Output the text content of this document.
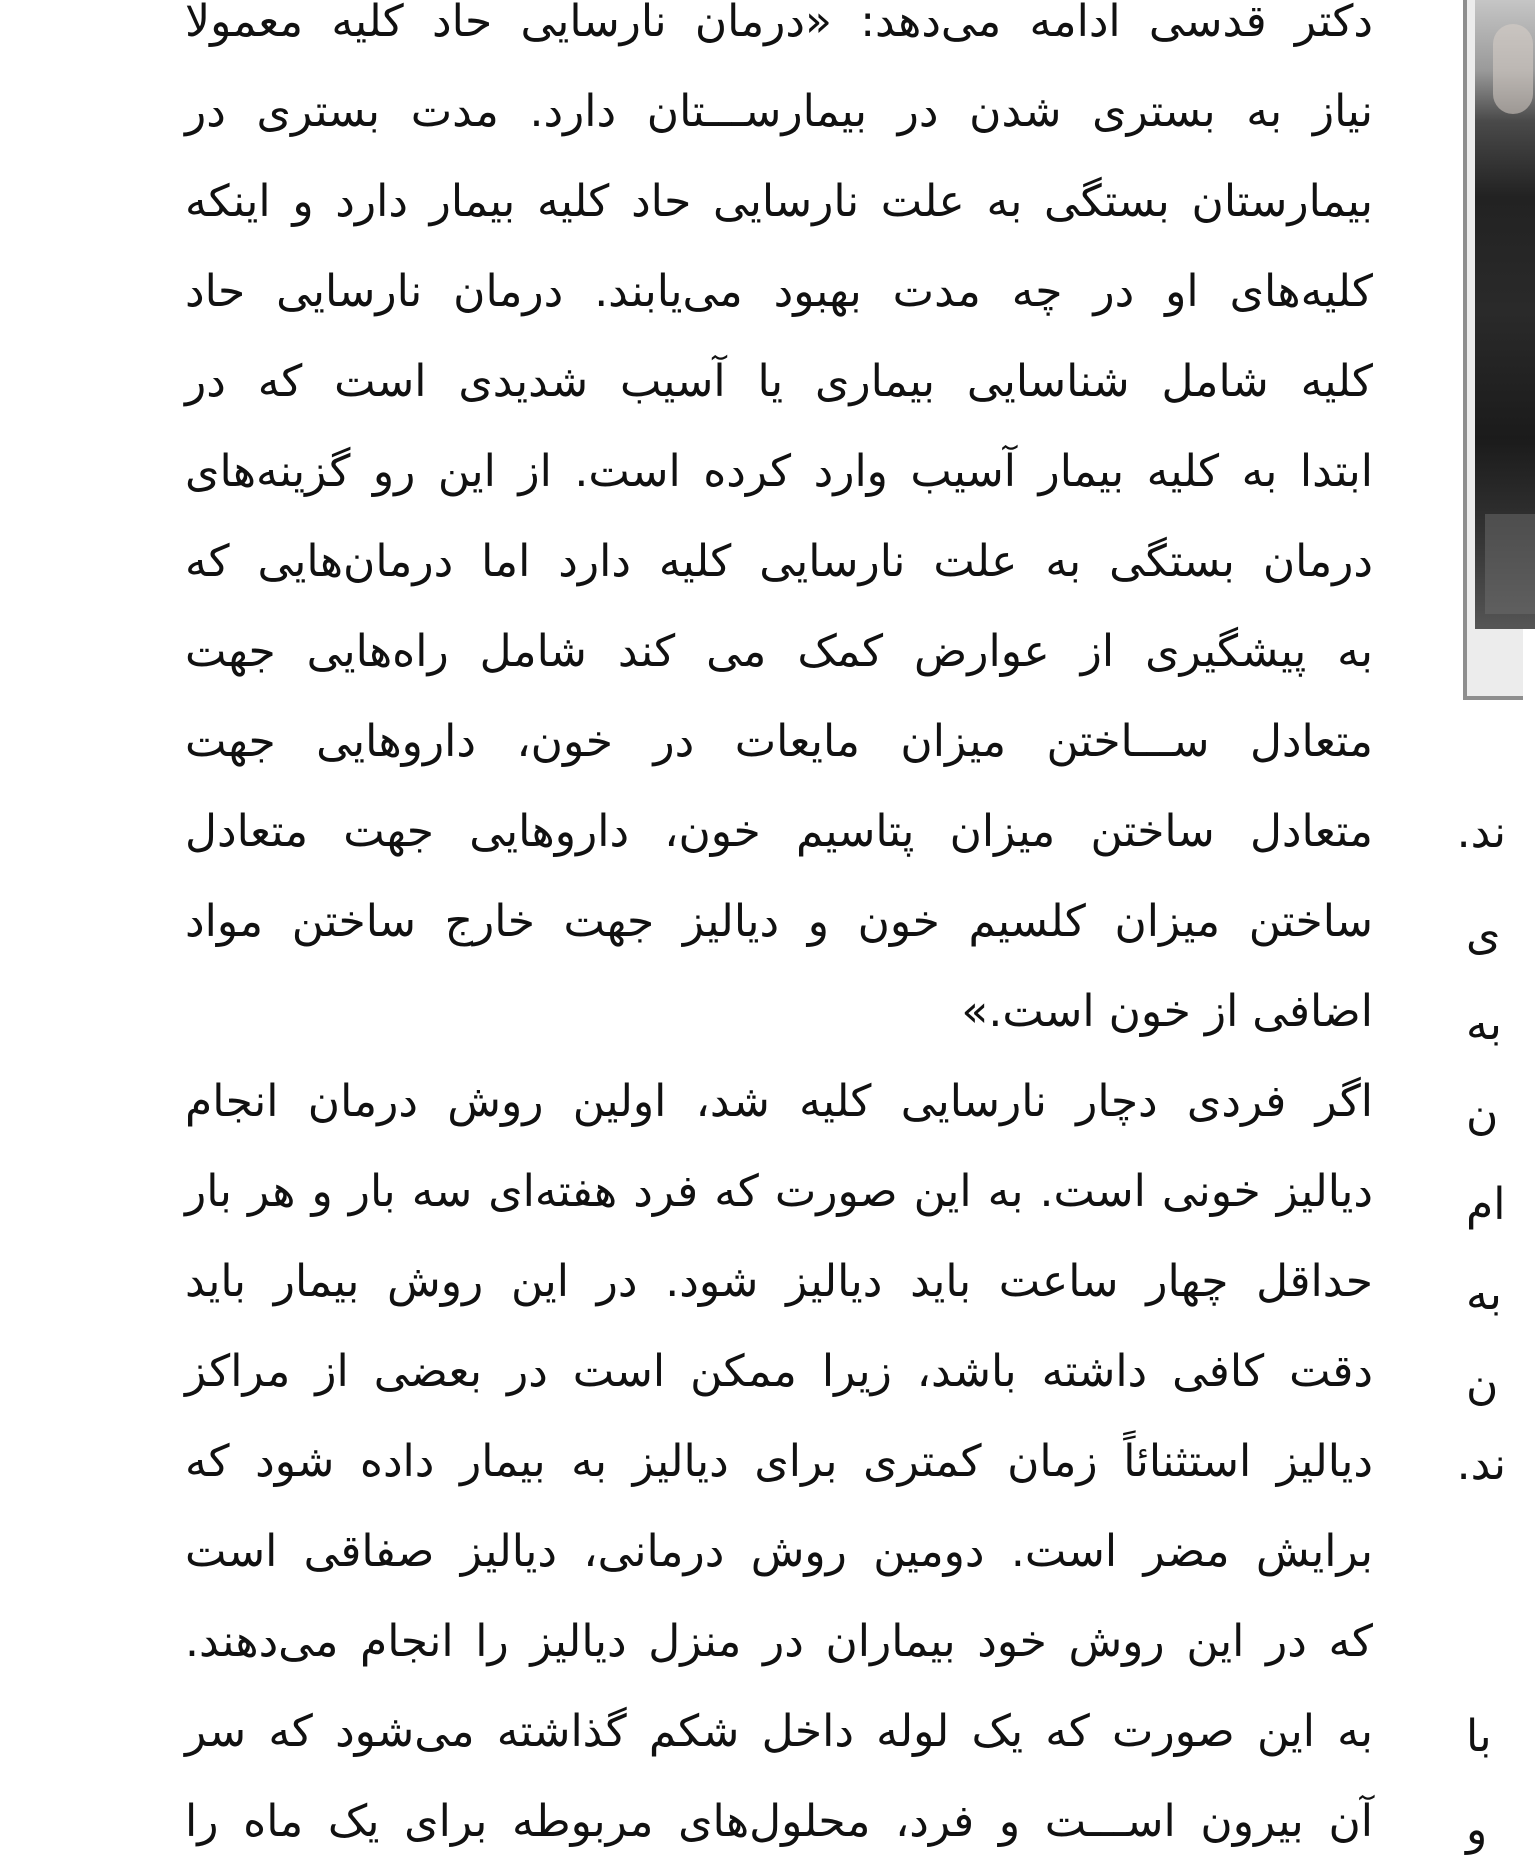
دکتر قدسی ادامه می‌دهد: «درمان نارسایی حاد کلیه معمولا
نیاز به بستری شدن در بیمارســـتان دارد. مدت بستری در
بیمارستان بستگی به علت نارسایی حاد کلیه بیمار دارد و اینکه
کلیه‌های او در چه مدت بهبود می‌یابند. درمان نارسایی حاد
کلیه شامل شناسایی بیماری یا آسیب شدیدی است که در
ابتدا به کلیه بیمار آسیب وارد کرده است. از این رو گزینه‌های
درمان بستگی به علت نارسایی کلیه دارد اما درمان‌هایی که
به پیشگیری از عوارض کمک می کند شامل راه‌هایی جهت
متعادل ســـاختن میزان مایعات در خون، داروهایی جهت
متعادل ساختن میزان پتاسیم خون، داروهایی جهت متعادل
ساختن میزان کلسیم خون و دیالیز جهت خارج ساختن مواد
اضافی از خون است.»
اگر فردی دچار نارسایی کلیه شد، اولین روش درمان انجام
دیالیز خونی است. به این صورت که فرد هفته‌ای سه بار و هر بار
حداقل چهار ساعت باید دیالیز شود. در این روش بیمار باید
دقت کافی داشته باشد، زیرا ممکن است در بعضی از مراکز
دیالیز استثنائاً زمان کمتری برای دیالیز به بیمار داده شود که
برایش مضر است. دومین روش درمانی، دیالیز صفاقی است
که در این روش خود بیماران در منزل دیالیز را انجام می‌دهند.
به این صورت که یک لوله داخل شکم گذاشته می‌شود که سر
آن بیرون اســـت و فرد، محلول‌های مربوطه برای یک ماه را
ند.
ی
به
ن
ام
به
ن
ند.
با
و
